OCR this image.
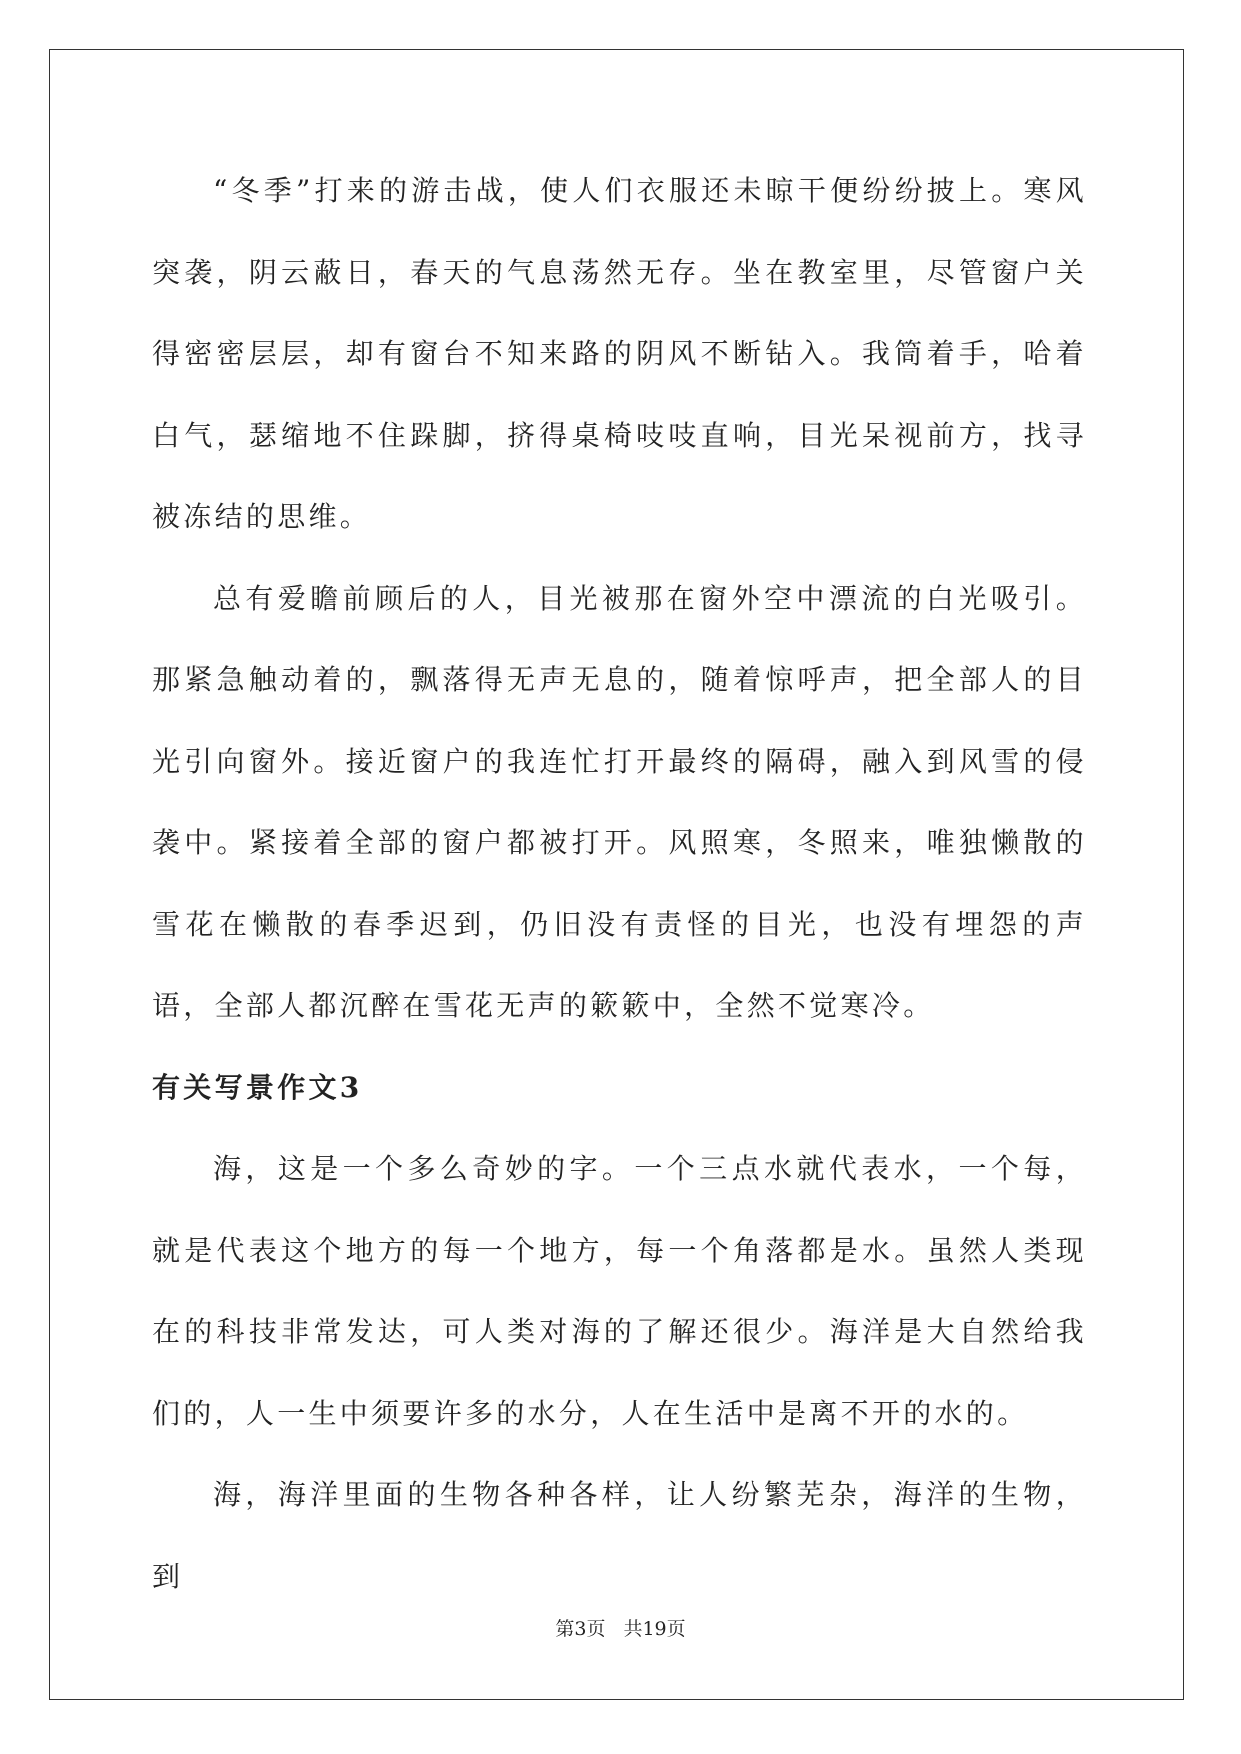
“冬季”打来的游击战，使人们衣服还未晾干便纷纷披上。寒风突袭，阴云蔽日，春天的气息荡然无存。坐在教室里，尽管窗户关得密密层层，却有窗台不知来路的阴风不断钻入。我筒着手，哈着白气，瑟缩地不住跺脚，挤得桌椅吱吱直响，目光呆视前方，找寻被冻结的思维。

总有爱瞻前顾后的人，目光被那在窗外空中漂流的白光吸引。那紧急触动着的，飘落得无声无息的，随着惊呼声，把全部人的目光引向窗外。接近窗户的我连忙打开最终的隔碍，融入到风雪的侵袭中。紧接着全部的窗户都被打开。风照寒，冬照来，唯独懒散的雪花在懒散的春季迟到，仍旧没有责怪的目光，也没有埋怨的声语，全部人都沉醉在雪花无声的簌簌中，全然不觉寒冷。

有关写景作文3

海，这是一个多么奇妙的字。一个三点水就代表水，一个每，就是代表这个地方的每一个地方，每一个角落都是水。虽然人类现在的科技非常发达，可人类对海的了解还很少。海洋是大自然给我们的，人一生中须要许多的水分，人在生活中是离不开的水的。

海，海洋里面的生物各种各样，让人纷繁芜杂，海洋的生物，到

第3页 共19页
